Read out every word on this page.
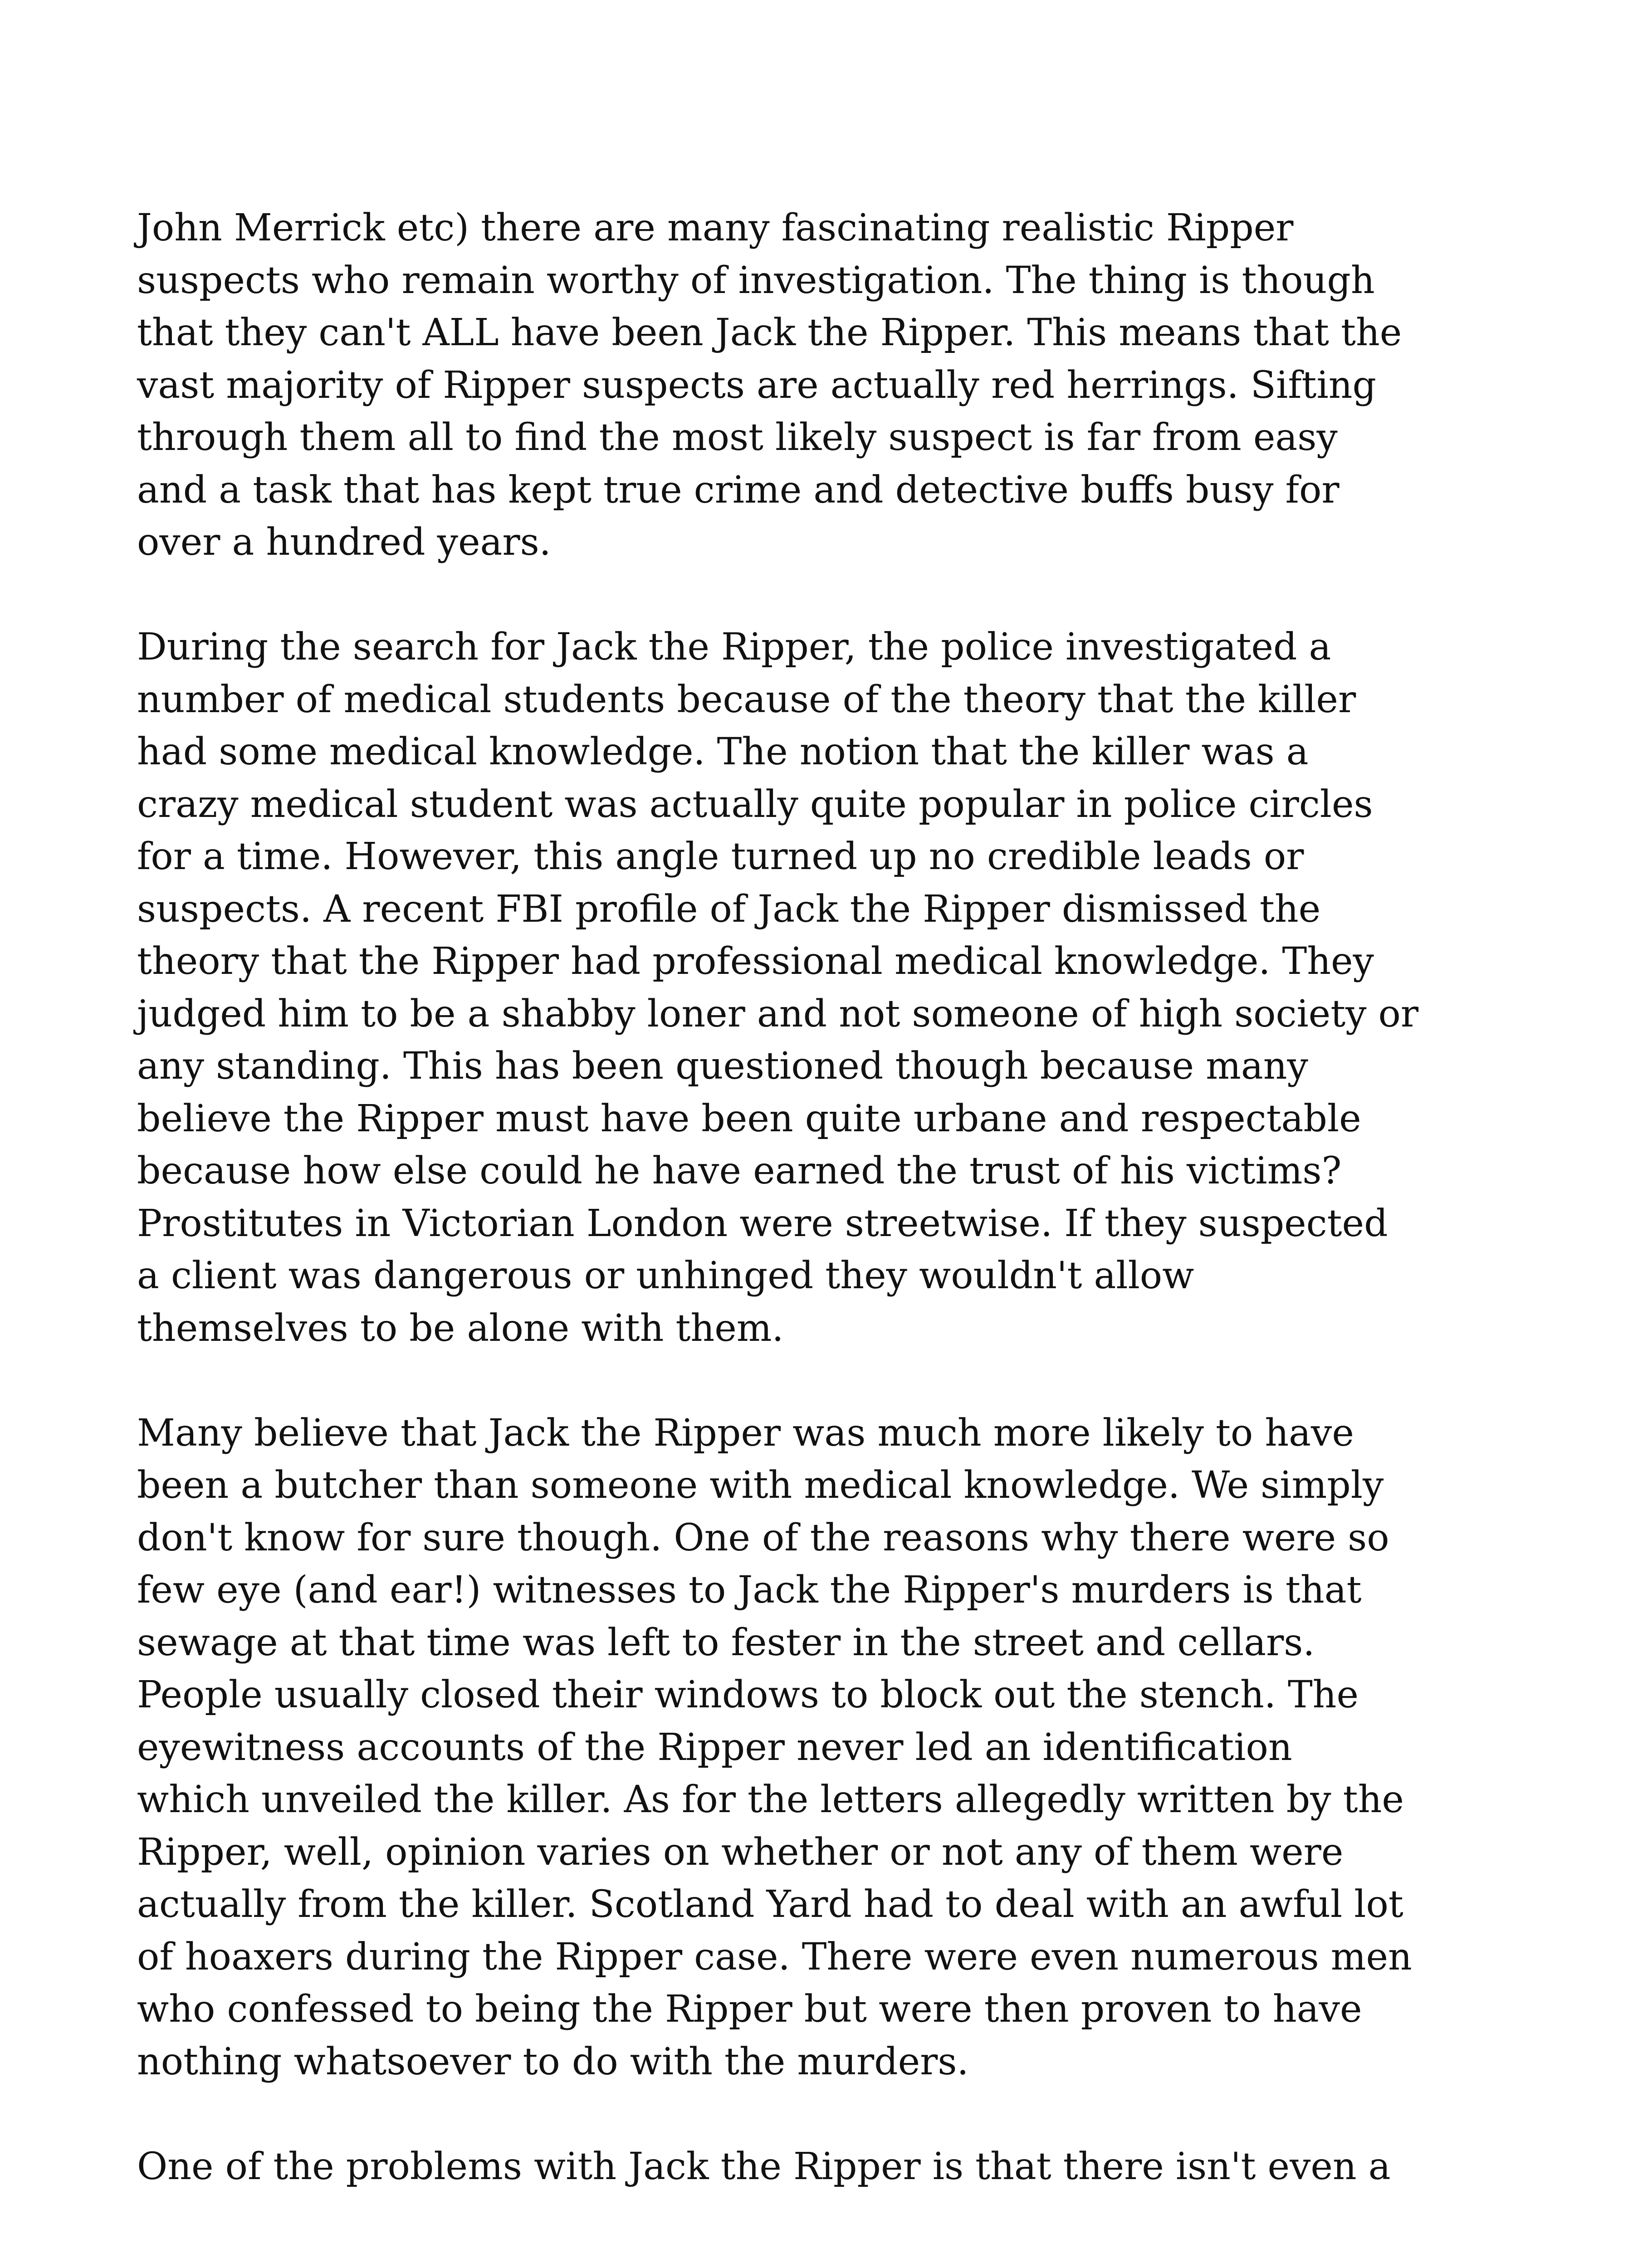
John Merrick etc) there are many fascinating realistic Ripper
suspects who remain worthy of investigation. The thing is though
that they can't ALL have been Jack the Ripper. This means that the
vast majority of Ripper suspects are actually red herrings. Sifting
through them all to find the most likely suspect is far from easy
and a task that has kept true crime and detective buffs busy for
over a hundred years.

During the search for Jack the Ripper, the police investigated a
number of medical students because of the theory that the killer
had some medical knowledge. The notion that the killer was a
crazy medical student was actually quite popular in police circles
for a time. However, this angle turned up no credible leads or
suspects. A recent FBI profile of Jack the Ripper dismissed the
theory that the Ripper had professional medical knowledge. They
judged him to be a shabby loner and not someone of high society or
any standing. This has been questioned though because many
believe the Ripper must have been quite urbane and respectable
because how else could he have earned the trust of his victims?
Prostitutes in Victorian London were streetwise. If they suspected
a client was dangerous or unhinged they wouldn't allow
themselves to be alone with them.

Many believe that Jack the Ripper was much more likely to have
been a butcher than someone with medical knowledge. We simply
don't know for sure though. One of the reasons why there were so
few eye (and ear!) witnesses to Jack the Ripper's murders is that
sewage at that time was left to fester in the street and cellars.
People usually closed their windows to block out the stench. The
eyewitness accounts of the Ripper never led an identification
which unveiled the killer. As for the letters allegedly written by the
Ripper, well, opinion varies on whether or not any of them were
actually from the killer. Scotland Yard had to deal with an awful lot
of hoaxers during the Ripper case. There were even numerous men
who confessed to being the Ripper but were then proven to have
nothing whatsoever to do with the murders.

One of the problems with Jack the Ripper is that there isn't even a
